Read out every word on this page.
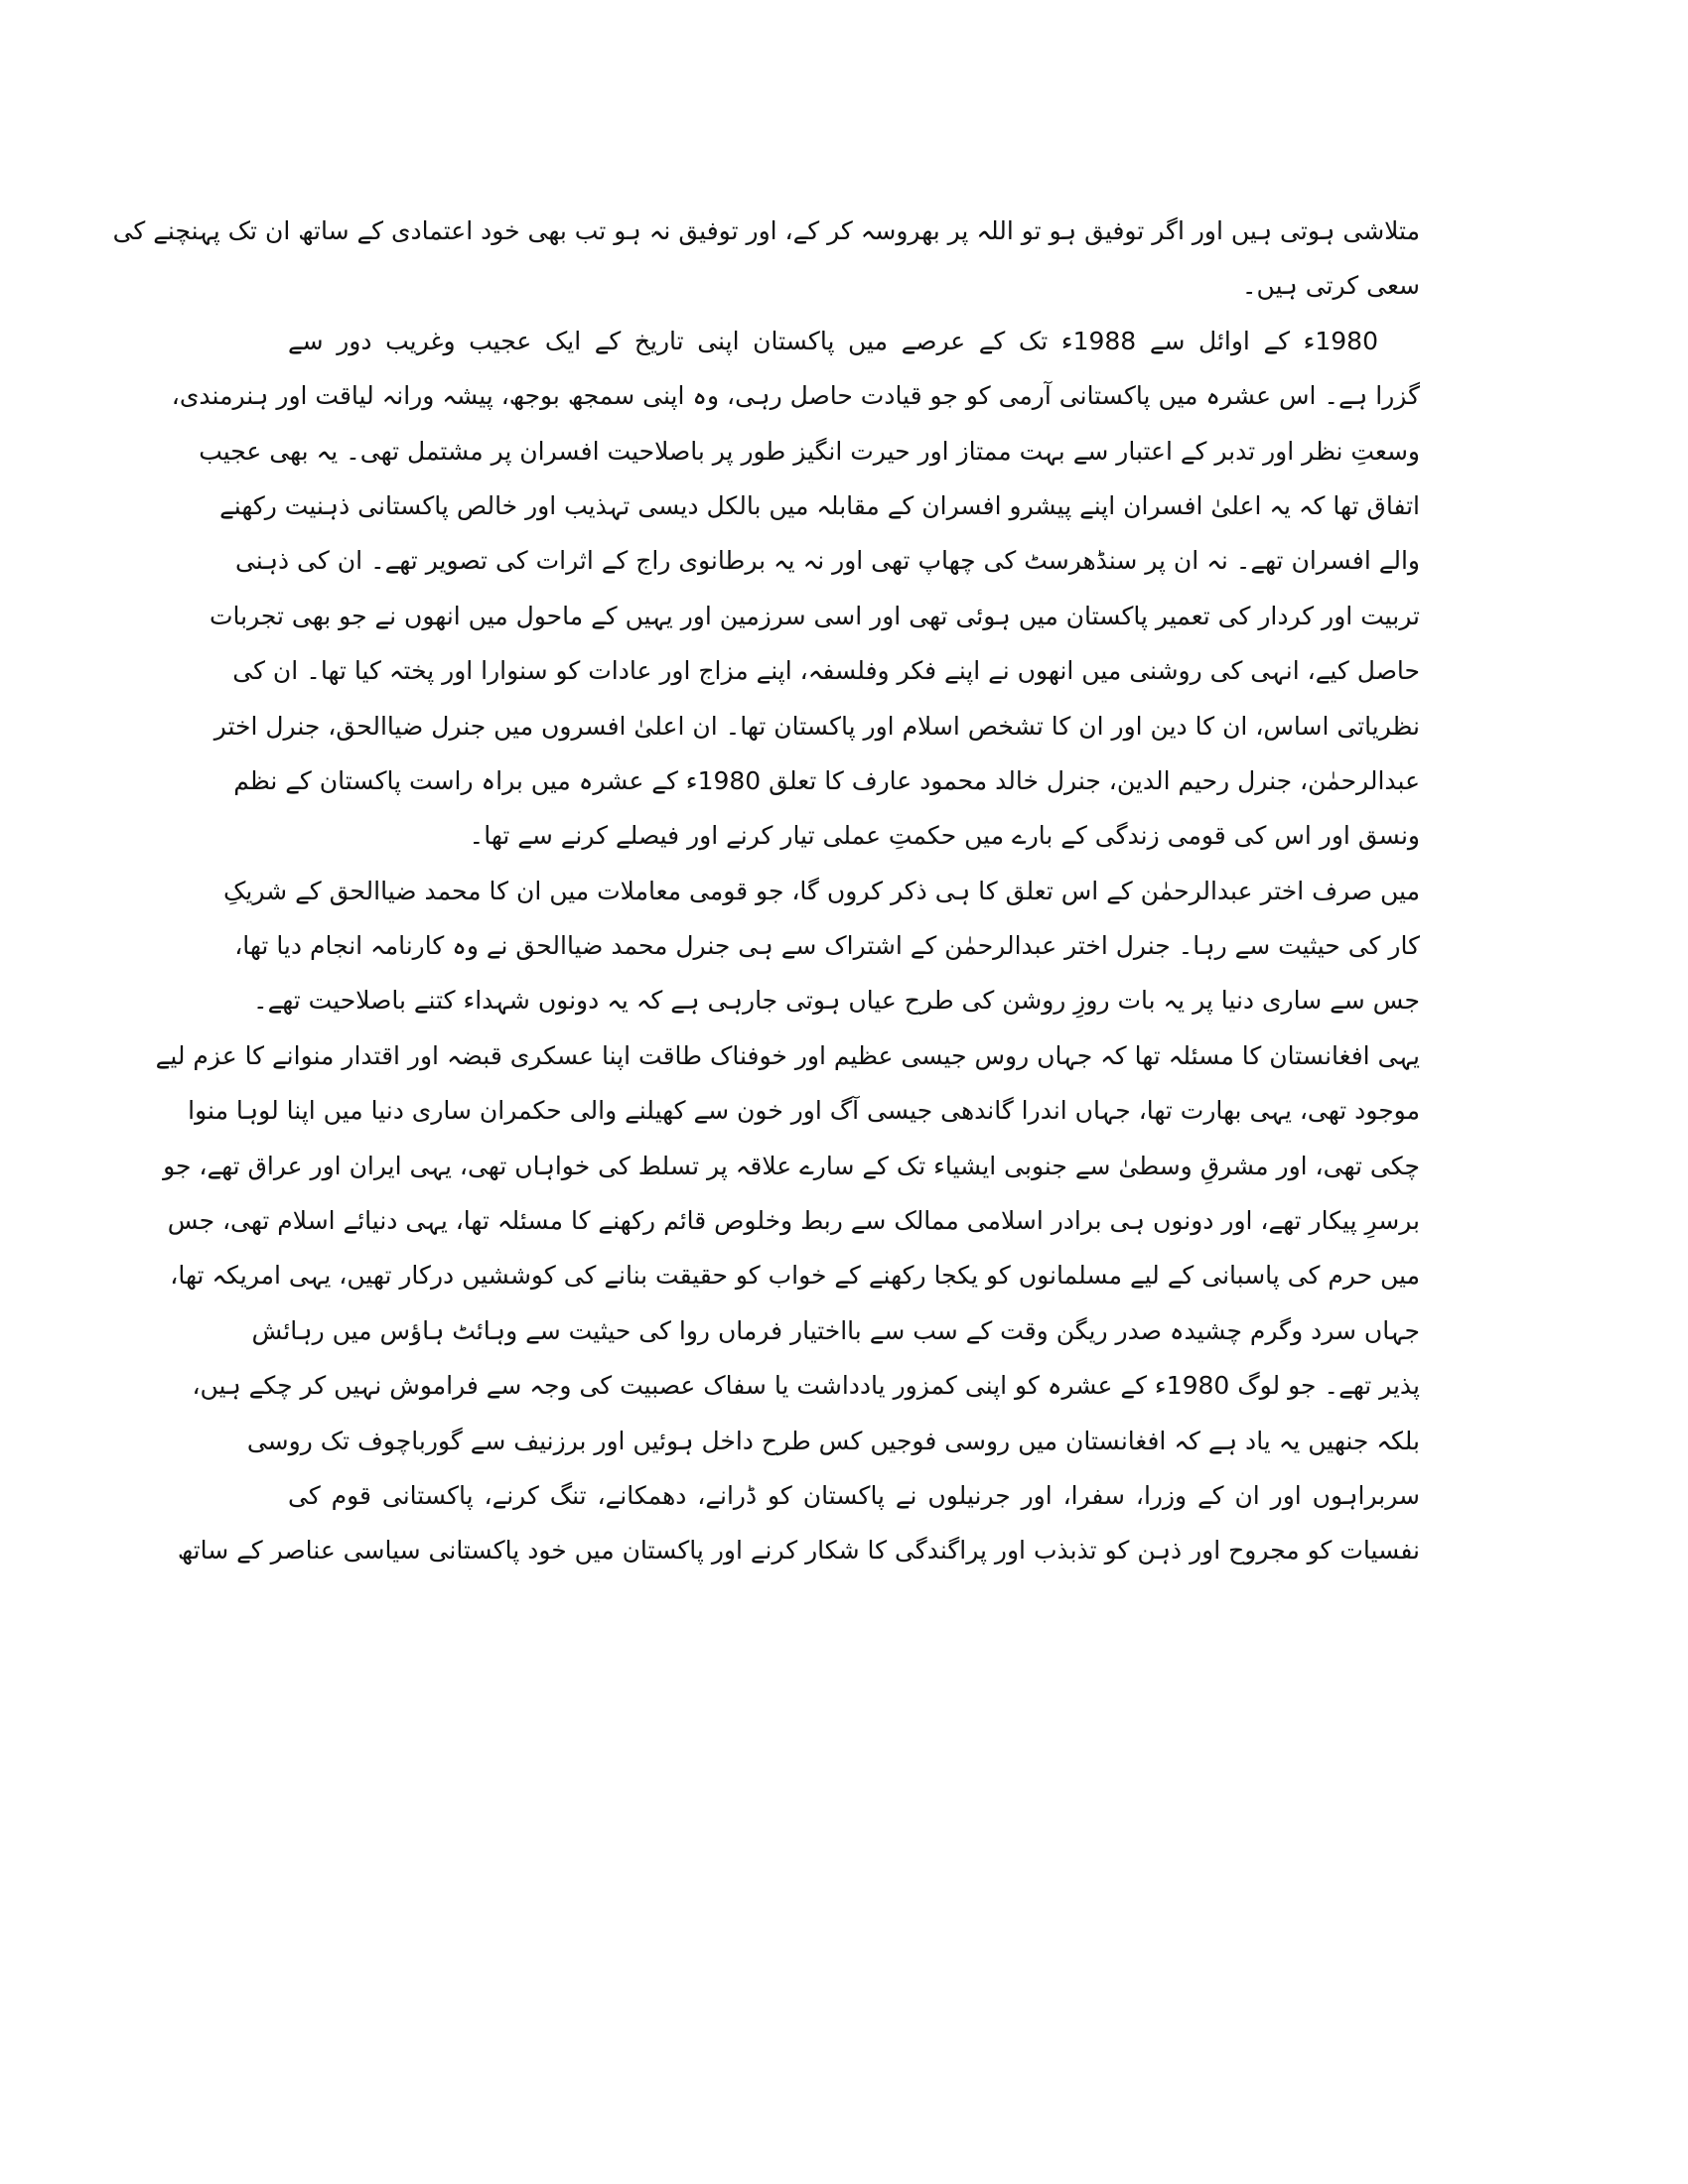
متلاشی ہوتی ہیں اور اگر توفیق ہو تو اللہ پر بھروسہ کر کے، اور توفیق نہ ہو تب بھی خود اعتمادی کے ساتھ ان تک پہنچنے کی
سعی کرتی ہیں۔
1980ء کے اوائل سے 1988ء تک کے عرصے میں پاکستان اپنی تاریخ کے ایک عجیب وغریب دور سے
گزرا ہے۔ اس عشرہ میں پاکستانی آرمی کو جو قیادت حاصل رہی، وہ اپنی سمجھ بوجھ، پیشہ ورانہ لیاقت اور ہنرمندی،
وسعتِ نظر اور تدبر کے اعتبار سے بہت ممتاز اور حیرت انگیز طور پر باصلاحیت افسران پر مشتمل تھی۔ یہ بھی عجیب
اتفاق تھا کہ یہ اعلیٰ افسران اپنے پیشرو افسران کے مقابلہ میں بالکل دیسی تہذیب اور خالص پاکستانی ذہنیت رکھنے
والے افسران تھے۔ نہ ان پر سنڈھرسٹ کی چھاپ تھی اور نہ یہ برطانوی راج کے اثرات کی تصویر تھے۔ ان کی ذہنی
تربیت اور کردار کی تعمیر پاکستان میں ہوئی تھی اور اسی سرزمین اور یہیں کے ماحول میں انھوں نے جو بھی تجربات
حاصل کیے، انہی کی روشنی میں انھوں نے اپنے فکر وفلسفہ، اپنے مزاج اور عادات کو سنوارا اور پختہ کیا تھا۔ ان کی
نظریاتی اساس، ان کا دین اور ان کا تشخص اسلام اور پاکستان تھا۔ ان اعلیٰ افسروں میں جنرل ضیاالحق، جنرل اختر
عبدالرحمٰن، جنرل رحیم الدین، جنرل خالد محمود عارف کا تعلق 1980ء کے عشرہ میں براہ راست پاکستان کے نظم
ونسق اور اس کی قومی زندگی کے بارے میں حکمتِ عملی تیار کرنے اور فیصلے کرنے سے تھا۔
میں صرف اختر عبدالرحمٰن کے اس تعلق کا ہی ذکر کروں گا، جو قومی معاملات میں ان کا محمد ضیاالحق کے شریکِ
کار کی حیثیت سے رہا۔ جنرل اختر عبدالرحمٰن کے اشتراک سے ہی جنرل محمد ضیاالحق نے وہ کارنامہ انجام دیا تھا،
جس سے ساری دنیا پر یہ بات روزِ روشن کی طرح عیاں ہوتی جارہی ہے کہ یہ دونوں شہداء کتنے باصلاحیت تھے۔
یہی افغانستان کا مسئلہ تھا کہ جہاں روس جیسی عظیم اور خوفناک طاقت اپنا عسکری قبضہ اور اقتدار منوانے کا عزم لیے
موجود تھی، یہی بھارت تھا، جہاں اندرا گاندھی جیسی آگ اور خون سے کھیلنے والی حکمران ساری دنیا میں اپنا لوہا منوا
چکی تھی، اور مشرقِ وسطیٰ سے جنوبی ایشیاء تک کے سارے علاقہ پر تسلط کی خواہاں تھی، یہی ایران اور عراق تھے، جو
برسرِ پیکار تھے، اور دونوں ہی برادر اسلامی ممالک سے ربط وخلوص قائم رکھنے کا مسئلہ تھا، یہی دنیائے اسلام تھی، جس
میں حرم کی پاسبانی کے لیے مسلمانوں کو یکجا رکھنے کے خواب کو حقیقت بنانے کی کوششیں درکار تھیں، یہی امریکہ تھا،
جہاں سرد وگرم چشیدہ صدر ریگن وقت کے سب سے بااختیار فرماں روا کی حیثیت سے وہائٹ ہاؤس میں رہائش
پذیر تھے۔ جو لوگ 1980ء کے عشرہ کو اپنی کمزور یادداشت یا سفاک عصبیت کی وجہ سے فراموش نہیں کر چکے ہیں،
بلکہ جنھیں یہ یاد ہے کہ افغانستان میں روسی فوجیں کس طرح داخل ہوئیں اور برزنیف سے گورباچوف تک روسی
سربراہوں اور ان کے وزرا، سفرا، اور جرنیلوں نے پاکستان کو ڈرانے، دھمکانے، تنگ کرنے، پاکستانی قوم کی
نفسیات کو مجروح اور ذہن کو تذبذب اور پراگندگی کا شکار کرنے اور پاکستان میں خود پاکستانی سیاسی عناصر کے ساتھ
